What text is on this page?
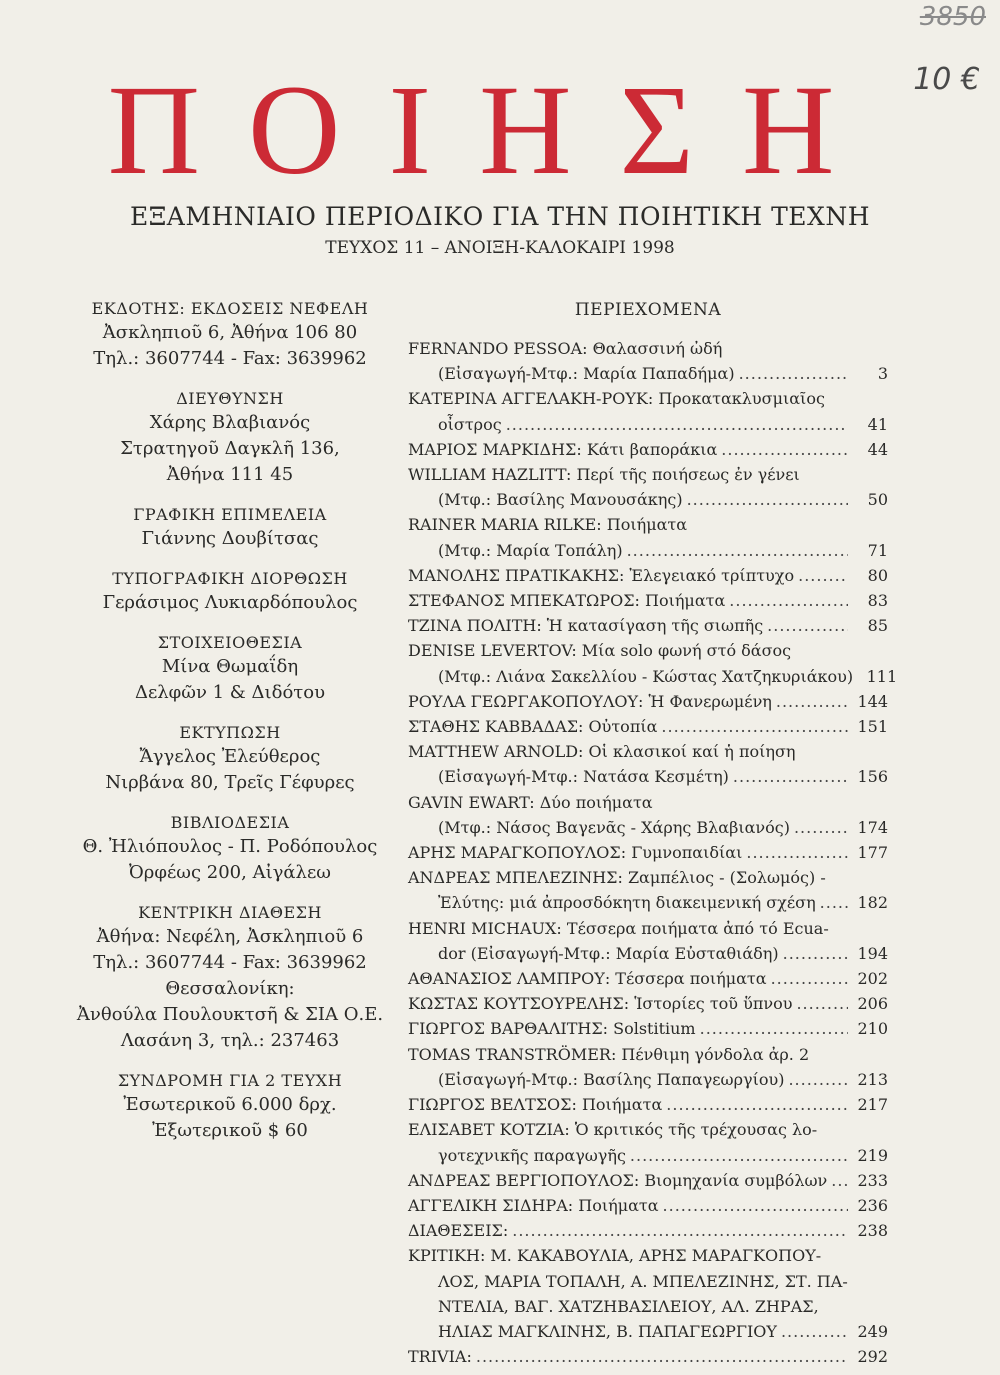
3850
10 €
ΠΟΙΗΣΗ
ΕΞΑΜΗΝΙΑΙΟ ΠΕΡΙΟΔΙΚΟ ΓΙΑ ΤΗΝ ΠΟΙΗΤΙΚΗ ΤΕΧΝΗ
ΤΕΥΧΟΣ 11 – ΑΝΟΙΞΗ-ΚΑΛΟΚΑΙΡΙ 1998

ΕΚΔΟΤΗΣ: ΕΚΔΟΣΕΙΣ ΝΕΦΕΛΗ

Ἀσκληπιοῦ 6, Ἀθήνα 106 80

Τηλ.: 3607744 - Fax: 3639962

ΔΙΕΥΘΥΝΣΗ

Χάρης Βλαβιανός

Στρατηγοῦ Δαγκλῆ 136,

Ἀθήνα 111 45

ΓΡΑΦΙΚΗ ΕΠΙΜΕΛΕΙΑ

Γιάννης Δουβίτσας

ΤΥΠΟΓΡΑΦΙΚΗ ΔΙΟΡΘΩΣΗ

Γεράσιμος Λυκιαρδόπουλος

ΣΤΟΙΧΕΙΟΘΕΣΙΑ

Μίνα Θωμαΐδη

Δελφῶν 1 & Διδότου

ΕΚΤΥΠΩΣΗ

Ἄγγελος Ἐλεύθερος

Νιρβάνα 80, Τρεῖς Γέφυρες

ΒΙΒΛΙΟΔΕΣΙΑ

Θ. Ἠλιόπουλος - Π. Ροδόπουλος

Ὀρφέως 200, Αἰγάλεω

ΚΕΝΤΡΙΚΗ ΔΙΑΘΕΣΗ

Ἀθήνα: Νεφέλη, Ἀσκληπιοῦ 6

Τηλ.: 3607744 - Fax: 3639962

Θεσσαλονίκη:

Ἀνθούλα Πουλουκτσῆ & ΣΙΑ Ο.Ε.

Λασάνη 3, τηλ.: 237463

ΣΥΝΔΡΟΜΗ ΓΙΑ 2 ΤΕΥΧΗ

Ἐσωτερικοῦ 6.000 δρχ.

Ἐξωτερικοῦ $ 60

ΠΕΡΙΕΧΟΜΕΝΑ

FERNANDO PESSOA: Θαλασσινή ὠδή
(Εἰσαγωγή-Μτφ.: Μαρία Παπαδήμα) .....	3
ΚΑΤΕΡΙΝΑ ΑΓΓΕΛΑΚΗ-ΡΟΥΚ: Προκατακλυσμιαῖος
οἶστρος .....	41
ΜΑΡΙΟΣ ΜΑΡΚΙΔΗΣ: Κάτι βαπoράκια .....	44
WILLIAM HAZLITT: Περί τῆς ποιήσεως ἐν γένει
(Μτφ.: Βασίλης Μανουσάκης) .....	50
RAINER MARIA RILKE: Ποιήματα
(Μτφ.: Μαρία Τοπάλη) .....	71
ΜΑΝΟΛΗΣ ΠΡΑΤΙΚΑΚΗΣ: Ἐλεγειακό τρίπτυχο .....	80
ΣΤΕΦΑΝΟΣ ΜΠΕΚΑΤΩΡΟΣ: Ποιήματα .....	83
ΤΖΙΝΑ ΠΟΛΙΤΗ: Ἡ κατασίγαση τῆς σιωπῆς .....	85
DENISE LEVERTOV: Μία solo φωνή στό δάσος
(Μτφ.: Λιάνα Σακελλίου - Κώστας Χατζηκυριάκου) 111
ΡΟΥΛΑ ΓΕΩΡΓΑΚΟΠΟΥΛΟΥ: Ἡ Φανερωμένη .....	144
ΣΤΑΘΗΣ ΚΑΒΒΑΔΑΣ: Οὐτοπία .....	151
MATTHEW ARNOLD: Οἱ κλασικοί καί ἡ ποίηση
(Εἰσαγωγή-Μτφ.: Νατάσα Κεσμέτη) .....	156
GAVIN EWART: Δύο ποιήματα
(Μτφ.: Νάσος Βαγενᾶς - Χάρης Βλαβιανός) .....	174
ΑΡΗΣ ΜΑΡΑΓΚΟΠΟΥΛΟΣ: Γυμνοπαιδίαι .....	177
ΑΝΔΡΕΑΣ ΜΠΕΛΕΖΙΝΗΣ: Ζαμπέλιος - (Σολωμός) -
Ἐλύτης: μιά ἀπροσδόκητη διακειμενική σχέση .....	182
HENRI MICHAUX: Τέσσερα ποιήματα ἀπό τό Ecua-
dor (Εἰσαγωγή-Μτφ.: Μαρία Εὐσταθιάδη) .....	194
ΑΘΑΝΑΣΙΟΣ ΛΑΜΠΡΟΥ: Τέσσερα ποιήματα .....	202
ΚΩΣΤΑΣ ΚΟΥΤΣΟΥΡΕΛΗΣ: Ἱστορίες τοῦ ὕπνου .....	206
ΓΙΩΡΓΟΣ ΒΑΡΘΑΛΙΤΗΣ: Solstitium .....	210
TOMAS TRANSTRÖMER: Πένθιμη γόνδολα ἀρ. 2
(Εἰσαγωγή-Μτφ.: Βασίλης Παπαγεωργίου) .....	213
ΓΙΩΡΓΟΣ ΒΕΛΤΣΟΣ: Ποιήματα .....	217
ΕΛΙΣΑΒΕΤ ΚΟΤΖΙΑ: Ὁ κριτικός τῆς τρέχουσας λο-
γοτεχνικῆς παραγωγῆς .....	219
ΑΝΔΡΕΑΣ ΒΕΡΓΙΟΠΟΥΛΟΣ: Βιομηχανία συμβόλων .....	233
ΑΓΓΕΛΙΚΗ ΣΙΔΗΡΑ: Ποιήματα .....	236
ΔΙΑΘΕΣΕΙΣ: .....	238
ΚΡΙΤΙΚΗ: Μ. ΚΑΚΑΒΟΥΛΙΑ, ΑΡΗΣ ΜΑΡΑΓΚΟΠΟΥ-
ΛΟΣ, ΜΑΡΙΑ ΤΟΠΑΛΗ, Α. ΜΠΕΛΕΖΙΝΗΣ, ΣΤ. ΠΑ-
ΝΤΕΛΙΑ, ΒΑΓ. ΧΑΤΖΗΒΑΣΙΛΕΙΟΥ, ΑΛ. ΖΗΡΑΣ,
ΗΛΙΑΣ ΜΑΓΚΛΙΝΗΣ, Β. ΠΑΠΑΓΕΩΡΓΙΟΥ .....	249
TRIVIA: .....	292
